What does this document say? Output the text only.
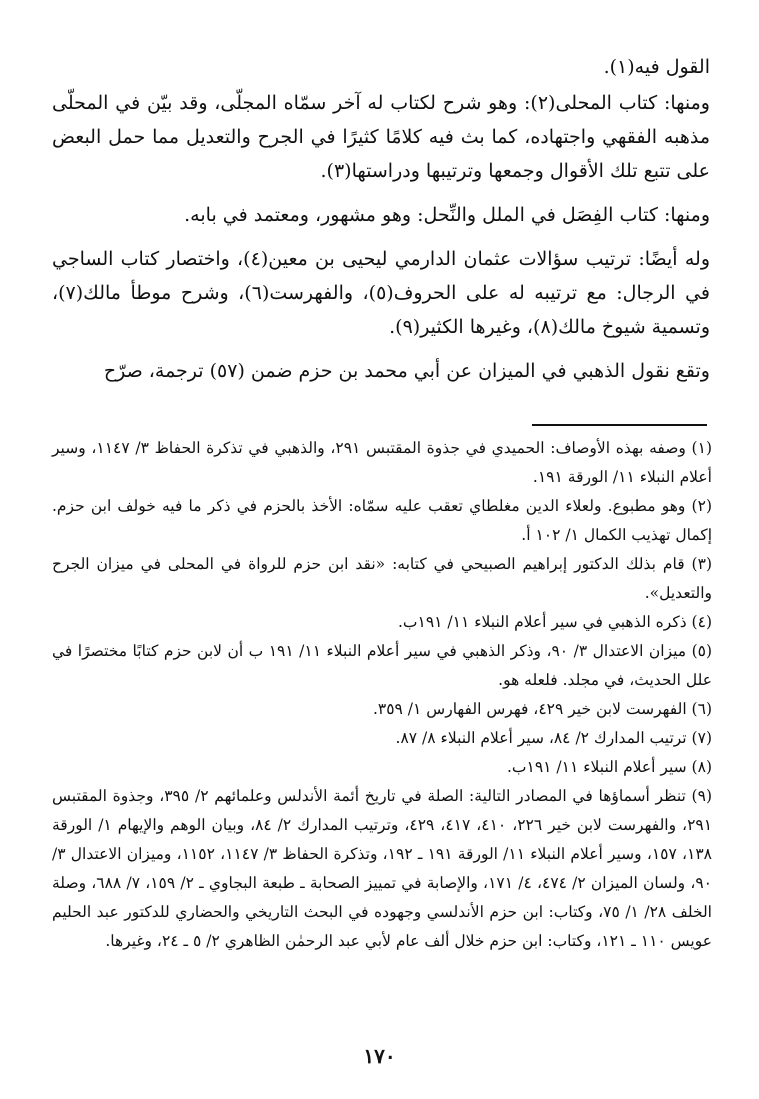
القول فيه(١).

ومنها: كتاب المحلى(٢): وهو شرح لكتاب له آخر سمّاه المجلّى، وقد بيّن في المحلّى مذهبه الفقهي واجتهاده، كما بث فيه كلامًا كثيرًا في الجرح والتعديل مما حمل البعض على تتبع تلك الأقوال وجمعها وترتيبها ودراستها(٣).

ومنها: كتاب الفِصَل في الملل والنِّحل: وهو مشهور، ومعتمد في بابه.

وله أيضًا: ترتيب سؤالات عثمان الدارمي ليحيى بن معين(٤)، واختصار كتاب الساجي في الرجال: مع ترتيبه له على الحروف(٥)، والفهرست(٦)، وشرح موطأ مالك(٧)، وتسمية شيوخ مالك(٨)، وغيرها الكثير(٩).

وتقع نقول الذهبي في الميزان عن أبي محمد بن حزم ضمن (٥٧) ترجمة، صرّح

(١) وصفه بهذه الأوصاف: الحميدي في جذوة المقتبس ٢٩١، والذهبي في تذكرة الحفاظ ٣/ ١١٤٧، وسير أعلام النبلاء ١١/ الورقة ١٩١.

(٢) وهو مطبوع. ولعلاء الدين مغلطاي تعقب عليه سمّاه: الأخذ بالحزم في ذكر ما فيه خولف ابن حزم. إكمال تهذيب الكمال ١/ ١٠٢ أ.

(٣) قام بذلك الدكتور إبراهيم الصبيحي في كتابه: «نقد ابن حزم للرواة في المحلى في ميزان الجرح والتعديل».

(٤) ذكره الذهبي في سير أعلام النبلاء ١١/ ١٩١ب.

(٥) ميزان الاعتدال ٣/ ٩٠، وذكر الذهبي في سير أعلام النبلاء ١١/ ١٩١ ب أن لابن حزم كتابًا مختصرًا في علل الحديث، في مجلد. فلعله هو.

(٦) الفهرست لابن خير ٤٢٩، فهرس الفهارس ١/ ٣٥٩.

(٧) ترتيب المدارك ٢/ ٨٤، سير أعلام النبلاء ٨/ ٨٧.

(٨) سير أعلام النبلاء ١١/ ١٩١ب.

(٩) تنظر أسماؤها في المصادر التالية: الصلة في تاريخ أئمة الأندلس وعلمائهم ٢/ ٣٩٥، وجذوة المقتبس ٢٩١، والفهرست لابن خير ٢٢٦، ٤١٠، ٤١٧، ٤٢٩، وترتيب المدارك ٢/ ٨٤، وبيان الوهم والإيهام ١/ الورقة ١٣٨، ١٥٧، وسير أعلام النبلاء ١١/ الورقة ١٩١ ـ ١٩٢، وتذكرة الحفاظ ٣/ ١١٤٧، ١١٥٢، وميزان الاعتدال ٣/ ٩٠، ولسان الميزان ٢/ ٤٧٤، ٤/ ١٧١، والإصابة في تمييز الصحابة ـ طبعة البجاوي ـ ٢/ ١٥٩، ٧/ ٦٨٨، وصلة الخلف ٢٨/ ١/ ٧٥، وكتاب: ابن حزم الأندلسي وجهوده في البحث التاريخي والحضاري للدكتور عبد الحليم عويس ١١٠ ـ ١٢١، وكتاب: ابن حزم خلال ألف عام لأبي عبد الرحمٰن الظاهري ٢/ ٥ ـ ٢٤، وغيرها.

١٧٠
